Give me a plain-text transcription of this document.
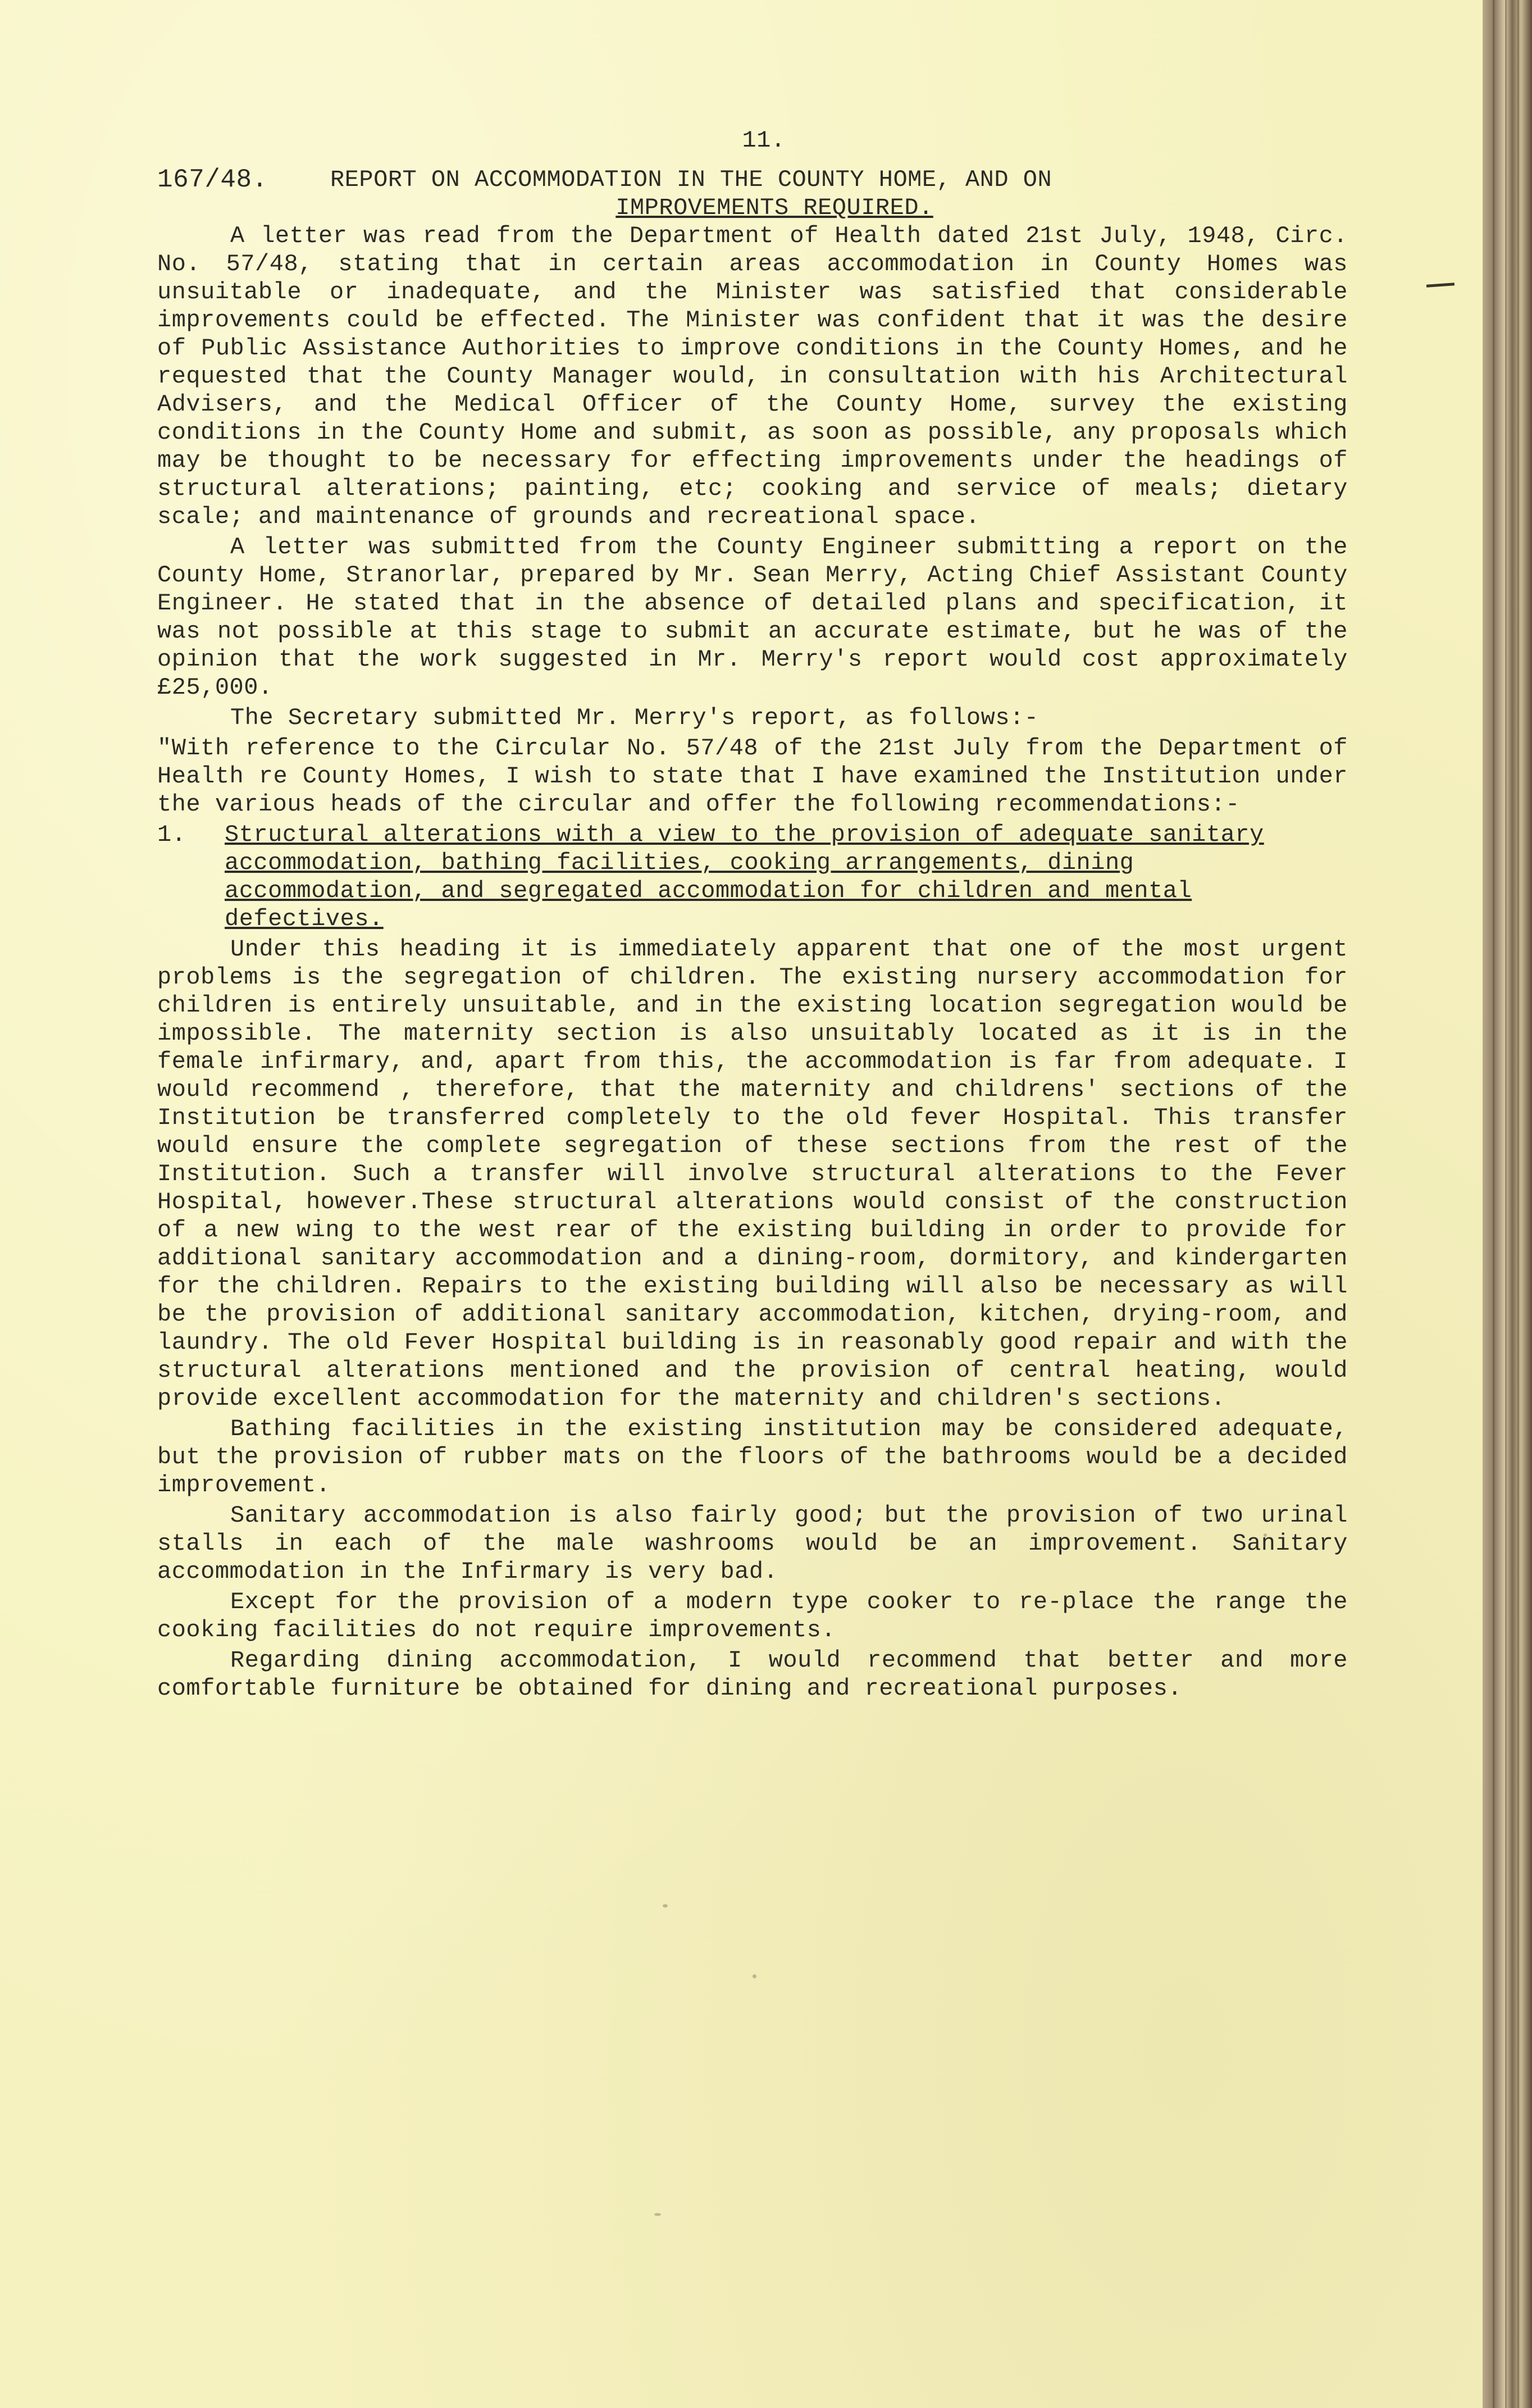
11.
167/48.	REPORT ON ACCOMMODATION IN THE COUNTY HOME, AND ON
IMPROVEMENTS REQUIRED.

A letter was read from the Department of Health dated 21st July, 1948, Circ. No. 57/48, stating that in certain areas accommodation in County Homes was unsuitable or inadequate, and the Minister was satisfied that considerable improvements could be effected. The Minister was confident that it was the desire of Public Assistance Authorities to improve conditions in the County Homes, and he requested that the County Manager would, in consultation with his Architectural Advisers, and the Medical Officer of the County Home, survey the existing conditions in the County Home and submit, as soon as possible, any proposals which may be thought to be necessary for effecting improvements under the headings of structural alterations; painting, etc; cooking and service of meals; dietary scale; and maintenance of grounds and recreational space.

A letter was submitted from the County Engineer submitting a report on the County Home, Stranorlar, prepared by Mr. Sean Merry, Acting Chief Assistant County Engineer. He stated that in the absence of detailed plans and specification, it was not possible at this stage to submit an accurate estimate, but he was of the opinion that the work suggested in Mr. Merry's report would cost approximately £25,000.

The Secretary submitted Mr. Merry's report, as follows:-

"With reference to the Circular No. 57/48 of the 21st July from the Department of Health re County Homes, I wish to state that I have examined the Institution under the various heads of the circular and offer the following recommendations:-

1.	Structural alterations with a view to the provision of adequate sanitary accommodation, bathing facilities, cooking arrangements, dining accommodation, and segregated accommodation for children and mental defectives.

Under this heading it is immediately apparent that one of the most urgent problems is the segregation of children. The existing nursery accommodation for children is entirely unsuitable, and in the existing location segregation would be impossible. The maternity section is also unsuitably located as it is in the female infirmary, and, apart from this, the accommodation is far from adequate. I would recommend , therefore, that the maternity and childrens' sections of the Institution be transferred completely to the old fever Hospital. This transfer would ensure the complete segregation of these sections from the rest of the Institution. Such a transfer will involve structural alterations to the Fever Hospital, however.These structural alterations would consist of the construction of a new wing to the west rear of the existing building in order to provide for additional sanitary accommodation and a dining-room, dormitory, and kindergarten for the children. Repairs to the existing building will also be necessary as will be the provision of additional sanitary accommodation, kitchen, drying-room, and laundry. The old Fever Hospital building is in reasonably good repair and with the structural alterations mentioned and the provision of central heating, would provide excellent accommodation for the maternity and children's sections.

Bathing facilities in the existing institution may be considered adequate, but the provision of rubber mats on the floors of the bathrooms would be a decided improvement.

Sanitary accommodation is also fairly good; but the provision of two urinal stalls in each of the male washrooms would be an improvement. Sanitary accommodation in the Infirmary is very bad.

Except for the provision of a modern type cooker to re-place the range the cooking facilities do not require improvements.

Regarding dining accommodation, I would recommend that better and more comfortable furniture be obtained for dining and recreational purposes.
